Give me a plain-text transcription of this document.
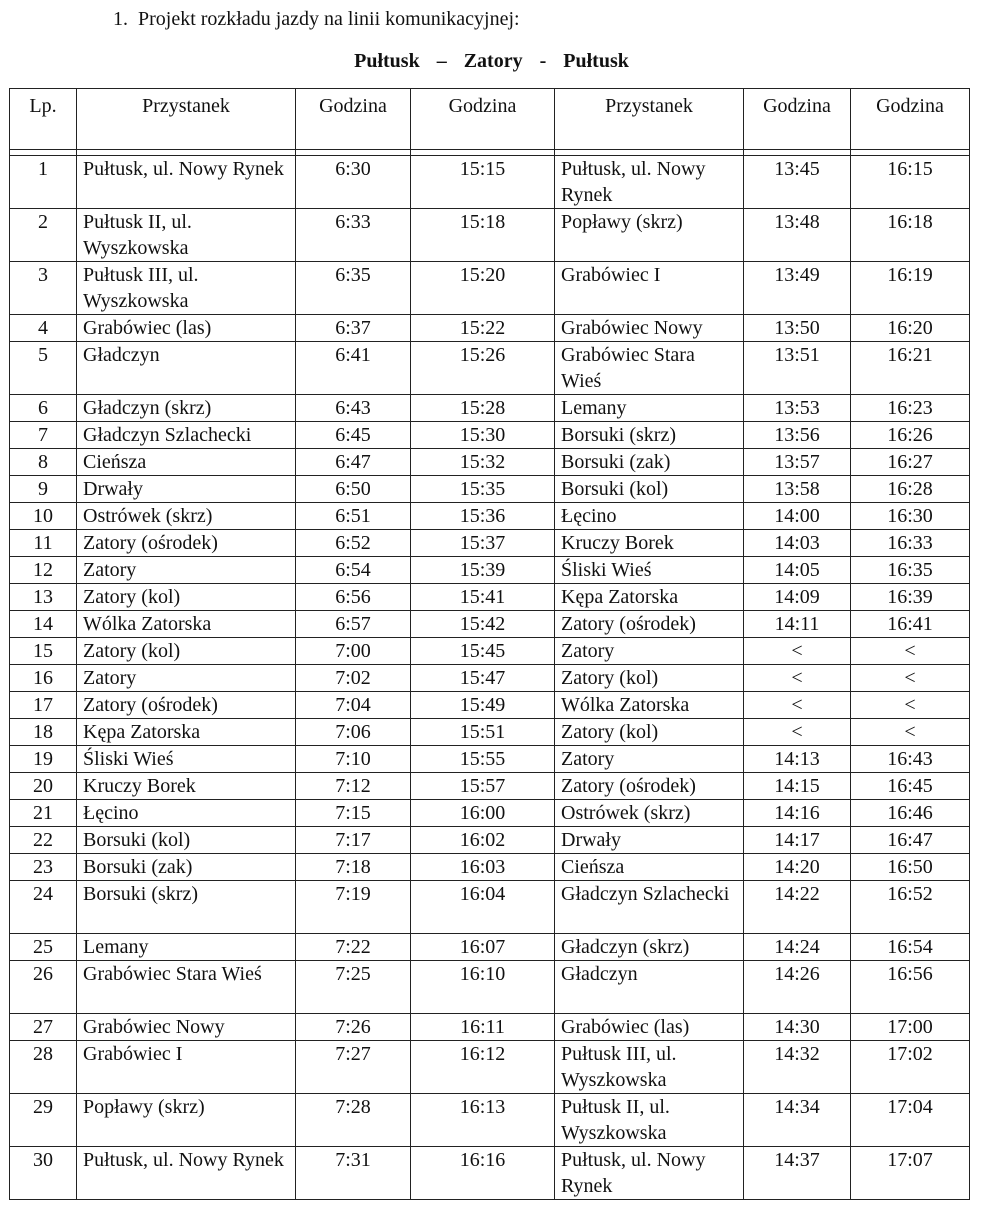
1. Projekt rozkładu jazdy na linii komunikacyjnej:
Pułtusk – Zatory - Pułtusk
Lp.	Przystanek	Godzina	Godzina	Przystanek	Godzina	Godzina

1	Pułtusk, ul. Nowy Rynek	6:30	15:15	Pułtusk, ul. Nowy Rynek	13:45	16:15
2	Pułtusk II, ul. Wyszkowska	6:33	15:18	Popławy (skrz)	13:48	16:18
3	Pułtusk III, ul. Wyszkowska	6:35	15:20	Grabówiec I	13:49	16:19
4	Grabówiec (las)	6:37	15:22	Grabówiec Nowy	13:50	16:20
5	Gładczyn	6:41	15:26	Grabówiec Stara Wieś	13:51	16:21
6	Gładczyn (skrz)	6:43	15:28	Lemany	13:53	16:23
7	Gładczyn Szlachecki	6:45	15:30	Borsuki (skrz)	13:56	16:26
8	Cieńsza	6:47	15:32	Borsuki (zak)	13:57	16:27
9	Drwały	6:50	15:35	Borsuki (kol)	13:58	16:28
10	Ostrówek (skrz)	6:51	15:36	Łęcino	14:00	16:30
11	Zatory (ośrodek)	6:52	15:37	Kruczy Borek	14:03	16:33
12	Zatory	6:54	15:39	Śliski Wieś	14:05	16:35
13	Zatory (kol)	6:56	15:41	Kępa Zatorska	14:09	16:39
14	Wólka Zatorska	6:57	15:42	Zatory (ośrodek)	14:11	16:41
15	Zatory (kol)	7:00	15:45	Zatory	<	<
16	Zatory	7:02	15:47	Zatory (kol)	<	<
17	Zatory (ośrodek)	7:04	15:49	Wólka Zatorska	<	<
18	Kępa Zatorska	7:06	15:51	Zatory (kol)	<	<
19	Śliski Wieś	7:10	15:55	Zatory	14:13	16:43
20	Kruczy Borek	7:12	15:57	Zatory (ośrodek)	14:15	16:45
21	Łęcino	7:15	16:00	Ostrówek (skrz)	14:16	16:46
22	Borsuki (kol)	7:17	16:02	Drwały	14:17	16:47
23	Borsuki (zak)	7:18	16:03	Cieńsza	14:20	16:50
24	Borsuki (skrz)	7:19	16:04	Gładczyn Szlachecki	14:22	16:52
25	Lemany	7:22	16:07	Gładczyn (skrz)	14:24	16:54
26	Grabówiec Stara Wieś	7:25	16:10	Gładczyn	14:26	16:56
27	Grabówiec Nowy	7:26	16:11	Grabówiec (las)	14:30	17:00
28	Grabówiec I	7:27	16:12	Pułtusk III, ul. Wyszkowska	14:32	17:02
29	Popławy (skrz)	7:28	16:13	Pułtusk II, ul. Wyszkowska	14:34	17:04
30	Pułtusk, ul. Nowy Rynek	7:31	16:16	Pułtusk, ul. Nowy Rynek	14:37	17:07
